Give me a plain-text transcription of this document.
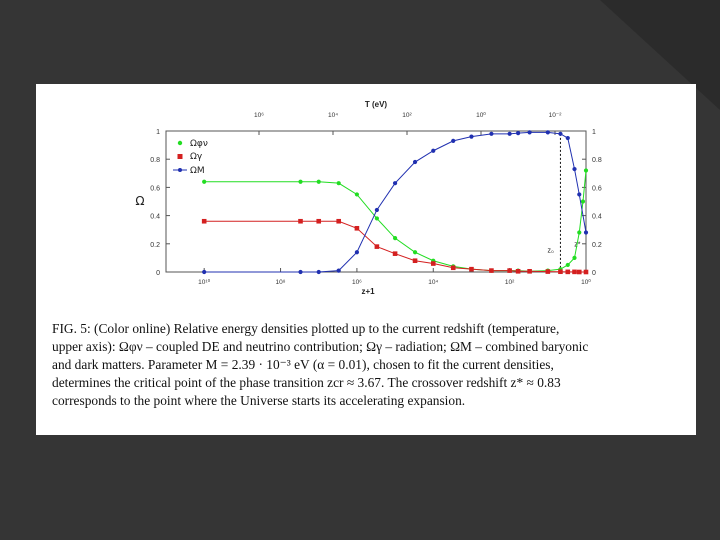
0
0.2
0.4
0.6
0.8
1
0
0.2
0.4
0.6
0.8
1
10¹⁰	10⁸	10⁶	10⁴	10²	10⁰
10⁶	10⁴	10²	10⁰	10⁻²
z+1
T (eV)
Ω
z₀
z*
Ωφν
Ωγ
ΩM

FIG. 5: (Color online) Relative energy densities plotted up to the current redshift (temperature,
upper axis): Ωφν – coupled DE and neutrino contribution; Ωγ – radiation; ΩM – combined baryonic
and dark matters. Parameter M = 2.39 · 10⁻³ eV (α = 0.01), chosen to fit the current densities,
determines the critical point of the phase transition zcr ≈ 3.67. The crossover redshift z* ≈ 0.83
corresponds to the point where the Universe starts its accelerating expansion.
